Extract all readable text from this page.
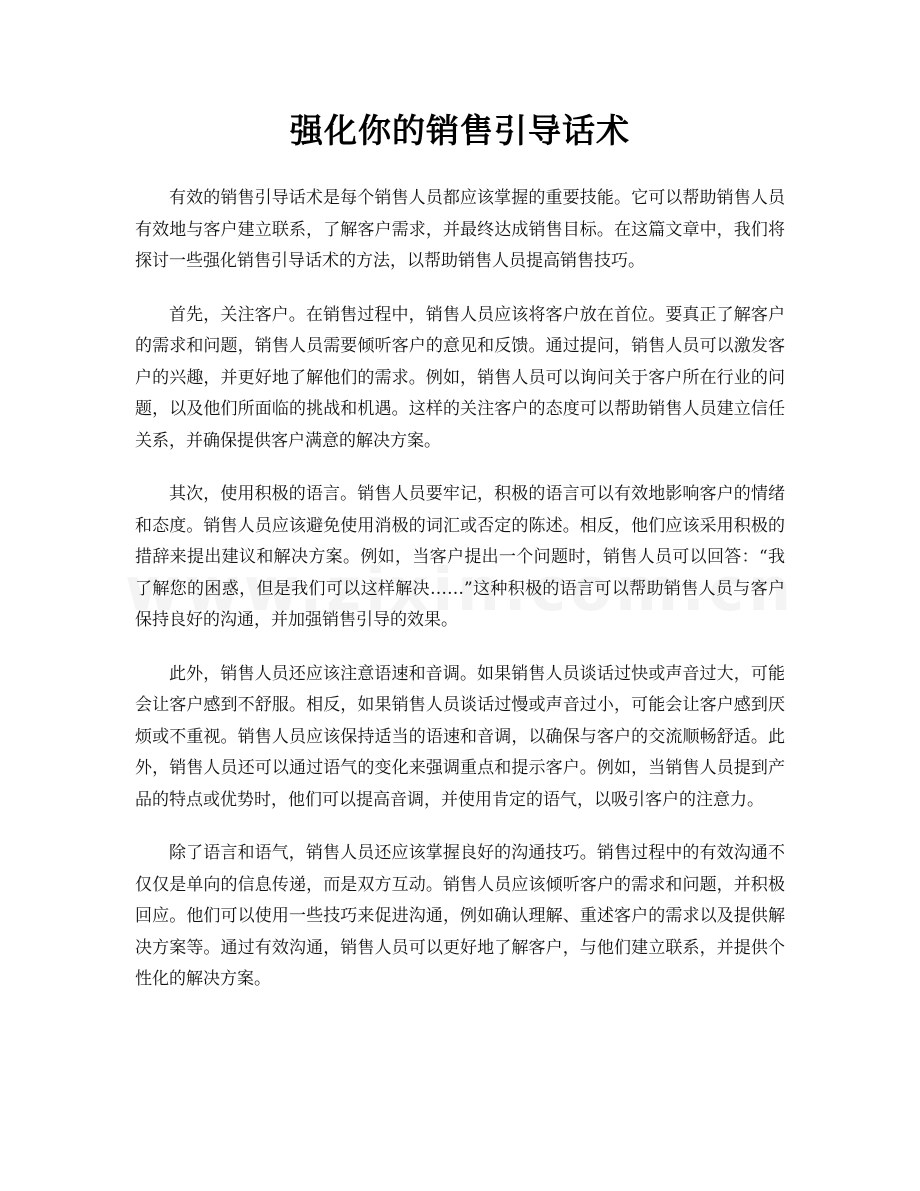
强化你的销售引导话术

有效的销售引导话术是每个销售人员都应该掌握的重要技能。它可以帮助销售人员有效地与客户建立联系，了解客户需求，并最终达成销售目标。在这篇文章中，我们将探讨一些强化销售引导话术的方法，以帮助销售人员提高销售技巧。

首先，关注客户。在销售过程中，销售人员应该将客户放在首位。要真正了解客户的需求和问题，销售人员需要倾听客户的意见和反馈。通过提问，销售人员可以激发客户的兴趣，并更好地了解他们的需求。例如，销售人员可以询问关于客户所在行业的问题，以及他们所面临的挑战和机遇。这样的关注客户的态度可以帮助销售人员建立信任关系，并确保提供客户满意的解决方案。

其次，使用积极的语言。销售人员要牢记，积极的语言可以有效地影响客户的情绪和态度。销售人员应该避免使用消极的词汇或否定的陈述。相反，他们应该采用积极的措辞来提出建议和解决方案。例如，当客户提出一个问题时，销售人员可以回答：“我了解您的困惑，但是我们可以这样解决……”这种积极的语言可以帮助销售人员与客户保持良好的沟通，并加强销售引导的效果。

此外，销售人员还应该注意语速和音调。如果销售人员谈话过快或声音过大，可能会让客户感到不舒服。相反，如果销售人员谈话过慢或声音过小，可能会让客户感到厌烦或不重视。销售人员应该保持适当的语速和音调，以确保与客户的交流顺畅舒适。此外，销售人员还可以通过语气的变化来强调重点和提示客户。例如，当销售人员提到产品的特点或优势时，他们可以提高音调，并使用肯定的语气，以吸引客户的注意力。

除了语言和语气，销售人员还应该掌握良好的沟通技巧。销售过程中的有效沟通不仅仅是单向的信息传递，而是双方互动。销售人员应该倾听客户的需求和问题，并积极回应。他们可以使用一些技巧来促进沟通，例如确认理解、重述客户的需求以及提供解决方案等。通过有效沟通，销售人员可以更好地了解客户，与他们建立联系，并提供个性化的解决方案。
